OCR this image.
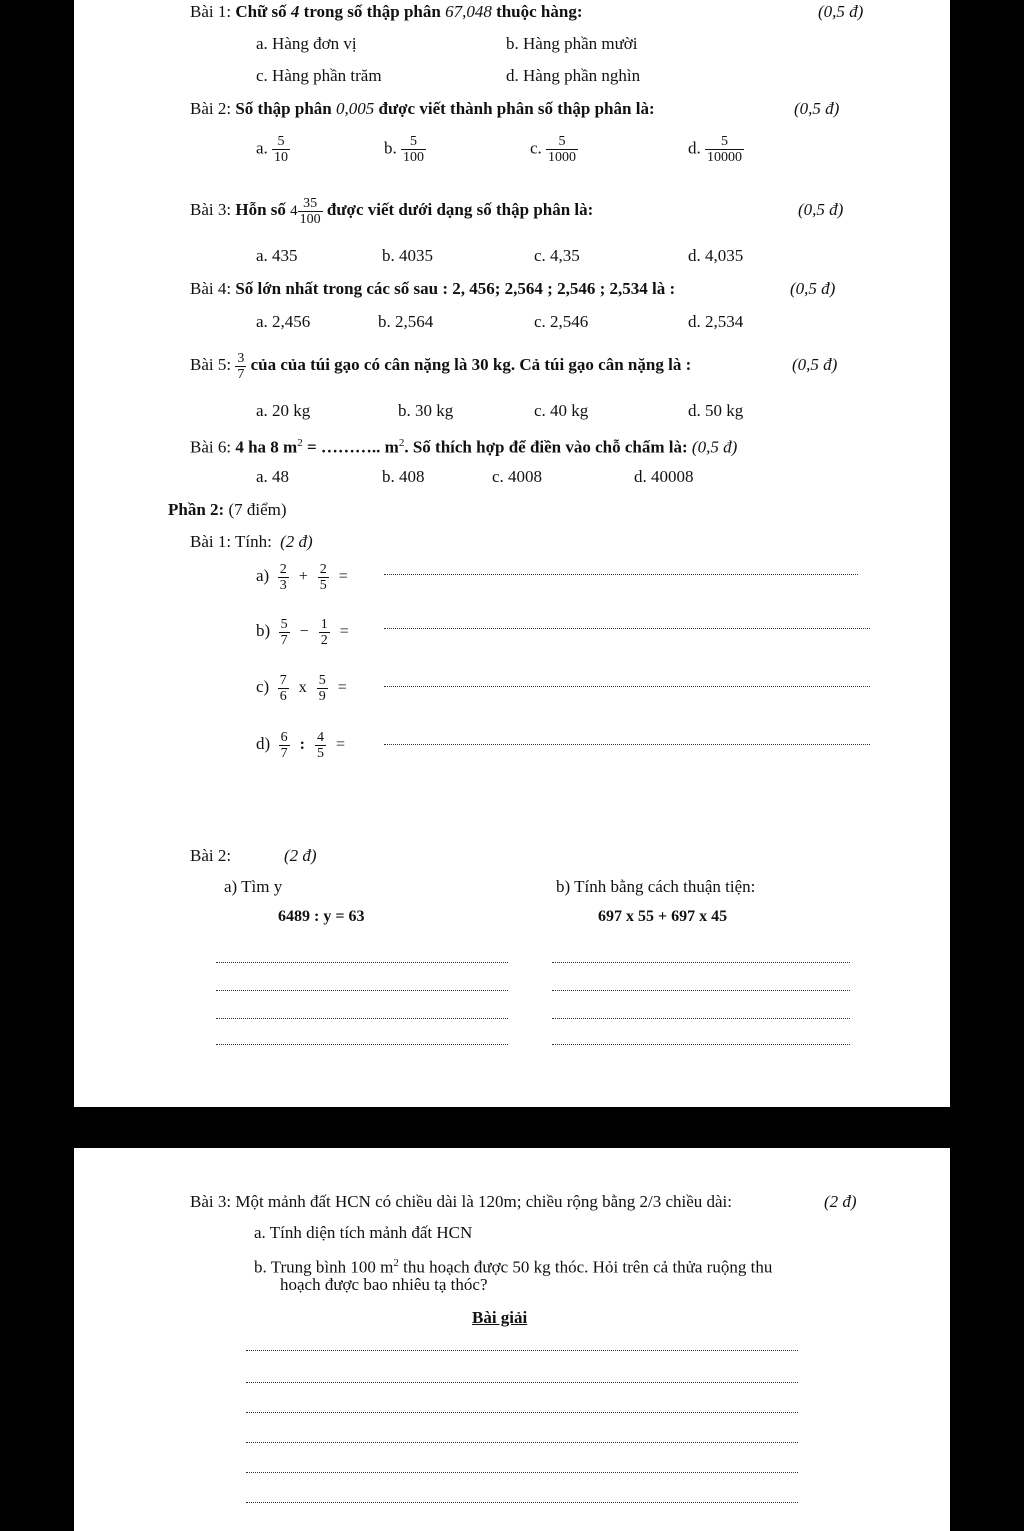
Bài 1: Chữ số 4 trong số thập phân 67,048 thuộc hàng:	(0,5 đ)
a. Hàng đơn vị	b. Hàng phần mười
c. Hàng phần trăm	d. Hàng phần nghìn
Bài 2: Số thập phân 0,005 được viết thành phân số thập phân là:	(0,5 đ)
a. $\frac{5}{10}$	b. $\frac{5}{100}$	c. $\frac{5}{1000}$	d. $\frac{5}{10000}$
Bài 3: Hỗn số $4 \frac{35}{100}$ được viết dưới dạng số thập phân là:	(0,5 đ)
a. 435	b. 4035	c. 4,35	d. 4,035
Bài 4: Số lớn nhất trong các số sau : 2, 456; 2,564 ; 2,546 ; 2,534 là :	(0,5 đ)
a. 2,456	b. 2,564	c. 2,546	d. 2,534
Bài 5: $\frac{3}{7}$ của của túi gạo có cân nặng là 30 kg. Cả túi gạo cân nặng là :	(0,5 đ)
a. 20 kg	b. 30 kg	c. 40 kg	d. 50 kg
Bài 6: 4 ha 8 $m^2$ = ……….. $m^2$. Số thích hợp để điền vào chỗ chấm là: (0,5 đ)
a. 48	b. 408	c. 4008	d. 40008
Phần 2: (7 điểm)
Bài 1: Tính: (2 đ)
$a) \frac{2}{3} + \frac{2}{5}$ =
$b) \frac{5}{7} - \frac{1}{2}$ =
$c) \frac{7}{6}$ x $\frac{5}{9}$ =
$d) \frac{6}{7}$ : $\frac{4}{5}$ =
Bài 2:	(2 đ)
a) Tìm y	b) Tính bằng cách thuận tiện:
6489 : y = 63	697 x 55 + 697 x 45
Bài 3: Một mảnh đất HCN có chiều dài là 120m; chiều rộng bằng 2/3 chiều dài:	(2 đ)
a. Tính diện tích mảnh đất HCN
b. Trung bình 100 $m^2$ thu hoạch được 50 kg thóc. Hỏi trên cả thửa ruộng thu
hoạch được bao nhiêu tạ thóc?
Bài giải
